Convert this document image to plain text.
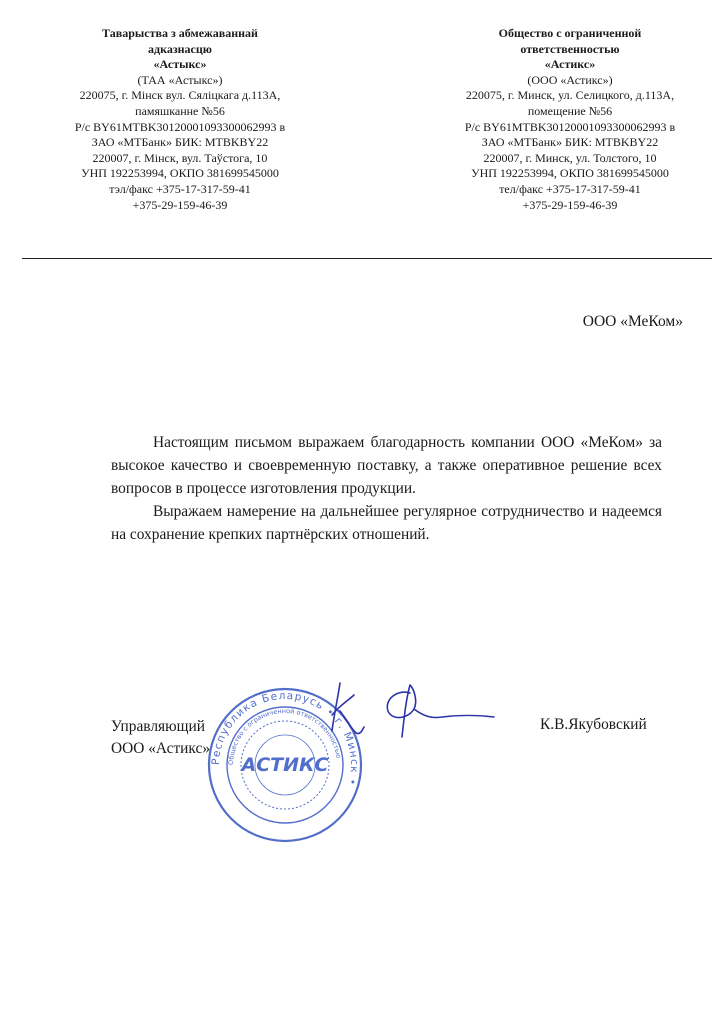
Таварыства з абмежаваннай
адказнасцю
«Астыкс»
(ТАА «Астыкс»)
220075, г. Мінск вул. Сяліцкага д.113А,
памяшканне №56
Р/с BY61MTBK30120001093300062993 в
ЗАО «МТБанк» БИК: MTBKBY22
220007, г. Мінск, вул. Таўстога, 10
УНП 192253994, ОКПО 381699545000
тэл/факс +375-17-317-59-41
+375-29-159-46-39
Общество с ограниченной
ответственностью
«Астикс»
(ООО «Астикс»)
220075, г. Минск, ул. Селицкого, д.113А,
помещение №56
Р/с BY61MTBK30120001093300062993 в
ЗАО «МТБанк» БИК: MTBKBY22
220007, г. Минск, ул. Толстого, 10
УНП 192253994, ОКПО 381699545000
тел/факс +375-17-317-59-41
+375-29-159-46-39
ООО «МеКом»

Настоящим письмом выражаем благодарность компании ООО «МеКом» за высокое качество и своевременную поставку, а также оперативное решение всех вопросов в процессе изготовления продукции.

Выражаем намерение на дальнейшее регулярное сотрудничество и надеемся на сохранение крепких партнёрских отношений.

Управляющий
ООО «Астикс»
К.В.Якубовский
Республика Беларусь • г. Минск •
Общество с ограниченной ответственностью
АСТИКС
